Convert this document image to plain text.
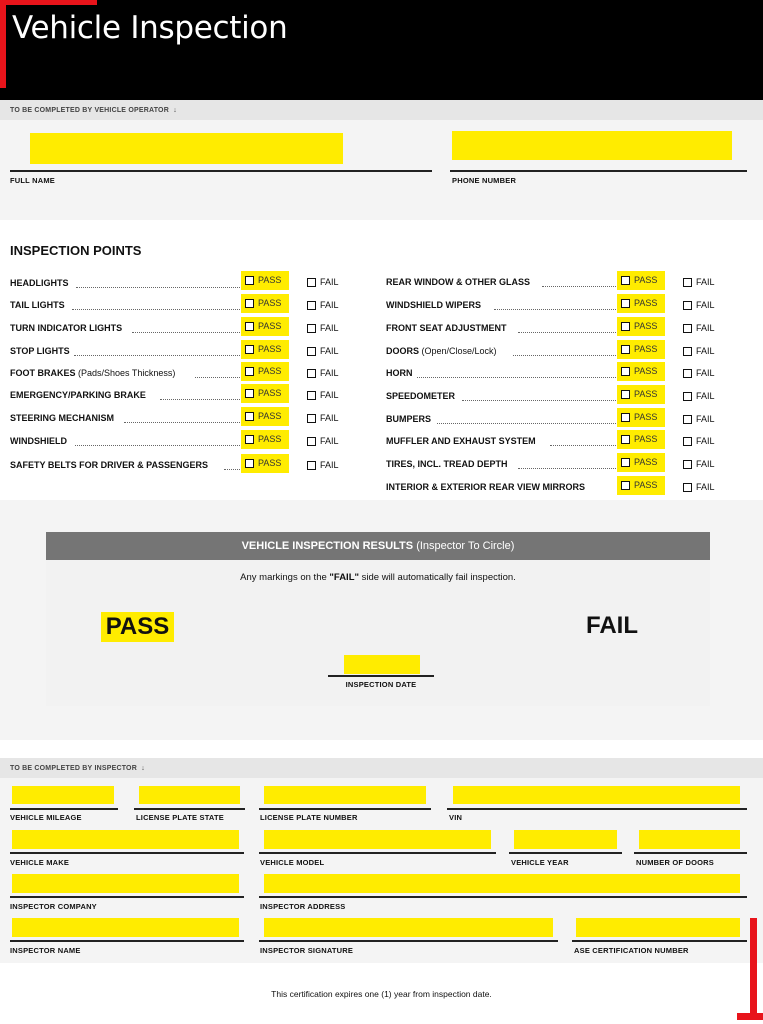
Vehicle Inspection
TO BE COMPLETED BY VEHICLE OPERATOR ↓
FULL NAME	PHONE NUMBER
INSPECTION POINTS
HEADLIGHTS	PASS	FAIL
TAIL LIGHTS	PASS	FAIL
TURN INDICATOR LIGHTS	PASS	FAIL
STOP LIGHTS	PASS	FAIL
FOOT BRAKES (Pads/Shoes Thickness)	PASS	FAIL
EMERGENCY/PARKING BRAKE	PASS	FAIL
STEERING MECHANISM	PASS	FAIL
WINDSHIELD	PASS	FAIL
SAFETY BELTS FOR DRIVER & PASSENGERS	PASS	FAIL
REAR WINDOW & OTHER GLASS	PASS	FAIL
WINDSHIELD WIPERS	PASS	FAIL
FRONT SEAT ADJUSTMENT	PASS	FAIL
DOORS (Open/Close/Lock)	PASS	FAIL
HORN	PASS	FAIL
SPEEDOMETER	PASS	FAIL
BUMPERS	PASS	FAIL
MUFFLER AND EXHAUST SYSTEM	PASS	FAIL
TIRES, INCL. TREAD DEPTH	PASS	FAIL
INTERIOR & EXTERIOR REAR VIEW MIRRORS	PASS	FAIL
VEHICLE INSPECTION RESULTS (Inspector To Circle)
Any markings on the "FAIL" side will automatically fail inspection.
PASS	FAIL
INSPECTION DATE
TO BE COMPLETED BY INSPECTOR ↓
VEHICLE MILEAGE	LICENSE PLATE STATE	LICENSE PLATE NUMBER	VIN
VEHICLE MAKE	VEHICLE MODEL	VEHICLE YEAR	NUMBER OF DOORS
INSPECTOR COMPANY	INSPECTOR ADDRESS
INSPECTOR NAME	INSPECTOR SIGNATURE	ASE CERTIFICATION NUMBER
This certification expires one (1) year from inspection date.
